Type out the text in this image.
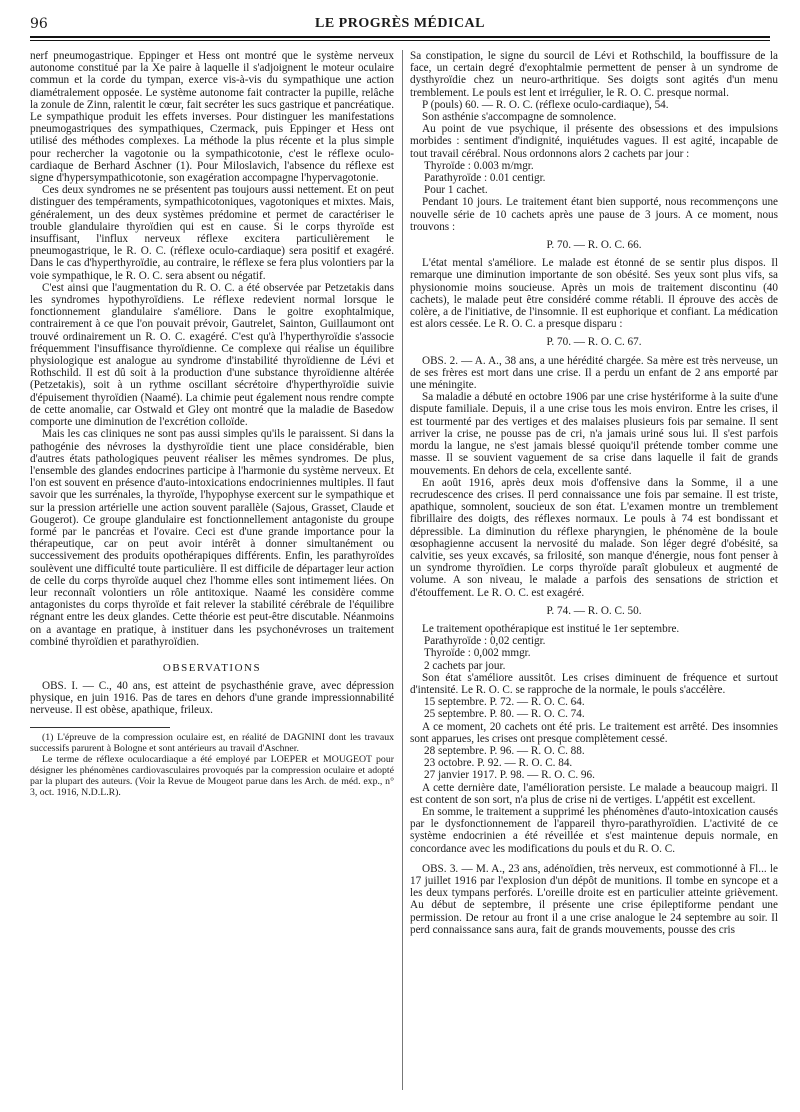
96	LE PROGRÈS MÉDICAL

nerf pneumogastrique. Eppinger et Hess ont montré que le système nerveux autonome constitué par la Xe paire à laquelle il s'adjoignent le moteur oculaire commun et la corde du tympan, exerce vis-à-vis du sympathique une action diamétralement opposée. Le système autonome fait contracter la pupille, relâche la zonule de Zinn, ralentit le cœur, fait secréter les sucs gastrique et pancréatique. Le sympathique produit les effets inverses. Pour distinguer les manifestations pneumogastriques des sympathiques, Czermack, puis Eppinger et Hess ont utilisé des méthodes complexes. La méthode la plus récente et la plus simple pour rechercher la vagotonie ou la sympathicotonie, c'est le réflexe oculo-cardiaque de Berhard Aschner (1). Pour Miloslavich, l'absence du réflexe est signe d'hypersympathicotonie, son exagération accompagne l'hypervagotonie.

Ces deux syndromes ne se présentent pas toujours aussi nettement. Et on peut distinguer des tempéraments, sympathicotoniques, vagotoniques et mixtes. Mais, généralement, un des deux systèmes prédomine et permet de caractériser le trouble glandulaire thyroïdien qui est en cause. Si le corps thyroïde est insuffisant, l'influx nerveux réflexe excitera particulièrement le pneumogastrique, le R. O. C. (réflexe oculo-cardiaque) sera positif et exagéré. Dans le cas d'hyperthyroïdie, au contraire, le réflexe se fera plus volontiers par la voie sympathique, le R. O. C. sera absent ou négatif.

C'est ainsi que l'augmentation du R. O. C. a été observée par Petzetakis dans les syndromes hypothyroïdiens. Le réflexe redevient normal lorsque le fonctionnement glandulaire s'améliore. Dans le goitre exophtalmique, contrairement à ce que l'on pouvait prévoir, Gautrelet, Sainton, Guillaumont ont trouvé ordinairement un R. O. C. exagéré. C'est qu'à l'hyperthyroïdie s'associe fréquemment l'insuffisance thyroïdienne. Ce complexe qui réalise un équilibre physiologique est analogue au syndrome d'instabilité thyroïdienne de Lévi et Rothschild. Il est dû soit à la production d'une substance thyroïdienne altérée (Petzetakis), soit à un rythme oscillant sécrétoire d'hyperthyroïdie suivie d'épuisement thyroïdien (Naamé). La chimie peut également nous rendre compte de cette anomalie, car Ostwald et Gley ont montré que la maladie de Basedow comporte une diminution de l'excrétion colloïde.

Mais les cas cliniques ne sont pas aussi simples qu'ils le paraissent. Si dans la pathogénie des névroses la dysthyroïdie tient une place considérable, bien d'autres états pathologiques peuvent réaliser les mêmes syndromes. De plus, l'ensemble des glandes endocrines participe à l'harmonie du système nerveux. Et l'on est souvent en présence d'auto-intoxications endocriniennes multiples. Il faut savoir que les surrénales, la thyroïde, l'hypophyse exercent sur le sympathique et sur la pression artérielle une action souvent parallèle (Sajous, Grasset, Claude et Gougerot). Ce groupe glandulaire est fonctionnellement antagoniste du groupe formé par le pancréas et l'ovaire. Ceci est d'une grande importance pour la thérapeutique, car on peut avoir intérêt à donner simultanément ou successivement des produits opothérapiques différents. Enfin, les parathyroïdes soulèvent une difficulté toute particulière. Il est difficile de départager leur action de celle du corps thyroïde auquel chez l'homme elles sont intimement liées. On leur reconnaît volontiers un rôle antitoxique. Naamé les considère comme antagonistes du corps thyroïde et fait relever la stabilité cérébrale de l'équilibre régnant entre les deux glandes. Cette théorie est peut-être discutable. Néanmoins on a avantage en pratique, à instituer dans les psychonévroses un traitement combiné thyroïdien et parathyroïdien.

OBSERVATIONS

OBS. I. — C., 40 ans, est atteint de psychasthénie grave, avec dépression physique, en juin 1916. Pas de tares en dehors d'une grande impressionnabilité nerveuse. Il est obèse, apathique, frileux.

(1) L'épreuve de la compression oculaire est, en réalité de DAGNINI dont les travaux successifs parurent à Bologne et sont antérieurs au travail d'Aschner.

Le terme de réflexe oculocardiaque a été employé par LOEPER et MOUGEOT pour désigner les phénomènes cardiovasculaires provoqués par la compression oculaire et adopté par la plupart des auteurs. (Voir la Revue de Mougeot parue dans les Arch. de méd. exp., n° 3, oct. 1916, N.D.L.R).

Sa constipation, le signe du sourcil de Lévi et Rothschild, la bouffissure de la face, un certain degré d'exophtalmie permettent de penser à un syndrome de dysthyroïdie chez un neuro-arthritique. Ses doigts sont agités d'un menu tremblement. Le pouls est lent et irrégulier, le R. O. C. presque normal.

P (pouls) 60. — R. O. C. (réflexe oculo-cardiaque), 54.

Son asthénie s'accompagne de somnolence.

Au point de vue psychique, il présente des obsessions et des impulsions morbides : sentiment d'indignité, inquiétudes vagues. Il est agité, incapable de tout travail cérébral. Nous ordonnons alors 2 cachets par jour :

Thyroïde : 0.003 m/mgr.

Parathyroïde : 0.01 centigr.

Pour 1 cachet.

Pendant 10 jours. Le traitement étant bien supporté, nous recommençons une nouvelle série de 10 cachets après une pause de 3 jours. A ce moment, nous trouvons :

P. 70. — R. O. C. 66.

L'état mental s'améliore. Le malade est étonné de se sentir plus dispos. Il remarque une diminution importante de son obésité. Ses yeux sont plus vifs, sa physionomie moins soucieuse. Après un mois de traitement discontinu (40 cachets), le malade peut être considéré comme rétabli. Il éprouve des accès de colère, a de l'initiative, de l'insomnie. Il est euphorique et confiant. La médication est alors cessée. Le R. O. C. a presque disparu :

P. 70. — R. O. C. 67.

OBS. 2. — A. A., 38 ans, a une hérédité chargée. Sa mère est très nerveuse, un de ses frères est mort dans une crise. Il a perdu un enfant de 2 ans emporté par une méningite.

Sa maladie a débuté en octobre 1906 par une crise hystériforme à la suite d'une dispute familiale. Depuis, il a une crise tous les mois environ. Entre les crises, il est tourmenté par des vertiges et des malaises plusieurs fois par semaine. Il sent arriver la crise, ne pousse pas de cri, n'a jamais uriné sous lui. Il s'est parfois mordu la langue, ne s'est jamais blessé quoiqu'il prétende tomber comme une masse. Il se souvient vaguement de sa crise dans laquelle il fait de grands mouvements. En dehors de cela, excellente santé.

En août 1916, après deux mois d'offensive dans la Somme, il a une recrudescence des crises. Il perd connaissance une fois par semaine. Il est triste, apathique, somnolent, soucieux de son état. L'examen montre un tremblement fibrillaire des doigts, des réflexes normaux. Le pouls à 74 est bondissant et dépressible. La diminution du réflexe pharyngien, le phénomène de la boule œsophagienne accusent la nervosité du malade. Son léger degré d'obésité, sa calvitie, ses yeux excavés, sa frilosité, son manque d'énergie, nous font penser à un syndrome thyroïdien. Le corps thyroïde paraît globuleux et augmenté de volume. A son niveau, le malade a parfois des sensations de striction et d'étouffement. Le R. O. C. est exagéré.

P. 74. — R. O. C. 50.

Le traitement opothérapique est institué le 1er septembre.

Parathyroïde : 0,02 centigr.

Thyroïde : 0,002 mmgr.

2 cachets par jour.

Son état s'améliore aussitôt. Les crises diminuent de fréquence et surtout d'intensité. Le R. O. C. se rapproche de la normale, le pouls s'accélère.

15 septembre. P. 72. — R. O. C. 64.

25 septembre. P. 80. — R. O. C. 74.

A ce moment, 20 cachets ont été pris. Le traitement est arrêté. Des insomnies sont apparues, les crises ont presque complètement cessé.

28 septembre. P. 96. — R. O. C. 88.

23 octobre. P. 92. — R. O. C. 84.

27 janvier 1917. P. 98. — R. O. C. 96.

A cette dernière date, l'amélioration persiste. Le malade a beaucoup maigri. Il est content de son sort, n'a plus de crise ni de vertiges. L'appétit est excellent.

En somme, le traitement a supprimé les phénomènes d'auto-intoxication causés par le dysfonctionnement de l'appareil thyro-parathyroïdien. L'activité de ce système endocrinien a été réveillée et s'est maintenue depuis normale, en concordance avec les modifications du pouls et du R. O. C.

OBS. 3. — M. A., 23 ans, adénoïdien, très nerveux, est commotionné à Fl... le 17 juillet 1916 par l'explosion d'un dépôt de munitions. Il tombe en syncope et a les deux tympans perforés. L'oreille droite est en particulier atteinte grièvement. Au début de septembre, il présente une crise épileptiforme pendant une permission. De retour au front il a une crise analogue le 24 septembre au soir. Il perd connaissance sans aura, fait de grands mouvements, pousse des cris
